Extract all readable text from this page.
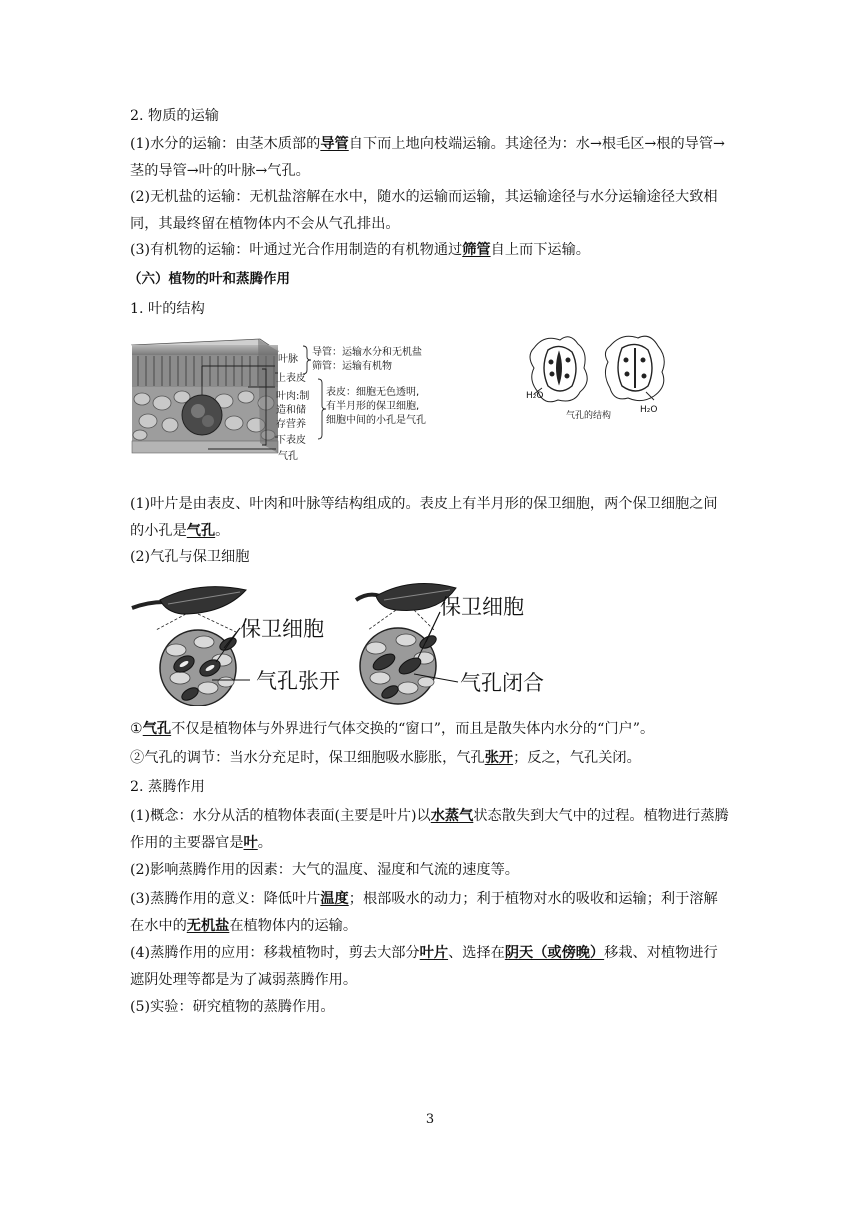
2. 物质的运输
(1)水分的运输：由茎木质部的导管自下而上地向枝端运输。其途径为：水→根毛区→根的导管→茎的导管→叶的叶脉→气孔。
(2)无机盐的运输：无机盐溶解在水中，随水的运输而运输，其运输途径与水分运输途径大致相同，其最终留在植物体内不会从气孔排出。
(3)有机物的运输：叶通过光合作用制造的有机物通过筛管自上而下运输。
（六）植物的叶和蒸腾作用
1. 叶的结构
叶脉
导管：运输水分和无机盐
筛管：运输有机物
上表皮
叶肉:制
造和储
存营养
表皮：细胞无色透明,
有半月形的保卫细胞,
细胞中间的小孔是气孔
下表皮
气孔
H₂O
H₂O
气孔的结构
(1)叶片是由表皮、叶肉和叶脉等结构组成的。表皮上有半月形的保卫细胞，两个保卫细胞之间的小孔是气孔。
(2)气孔与保卫细胞
保卫细胞
气孔张开
保卫细胞
气孔闭合
①气孔不仅是植物体与外界进行气体交换的“窗口”，而且是散失体内水分的“门户”。
②气孔的调节：当水分充足时，保卫细胞吸水膨胀，气孔张开；反之，气孔关闭。
2. 蒸腾作用
(1)概念：水分从活的植物体表面(主要是叶片)以水蒸气状态散失到大气中的过程。植物进行蒸腾作用的主要器官是叶。
(2)影响蒸腾作用的因素：大气的温度、湿度和气流的速度等。
(3)蒸腾作用的意义：降低叶片温度；根部吸水的动力；利于植物对水的吸收和运输；利于溶解在水中的无机盐在植物体内的运输。
(4)蒸腾作用的应用：移栽植物时，剪去大部分叶片、选择在阴天（或傍晚）移栽、对植物进行遮阴处理等都是为了减弱蒸腾作用。
(5)实验：研究植物的蒸腾作用。
3
